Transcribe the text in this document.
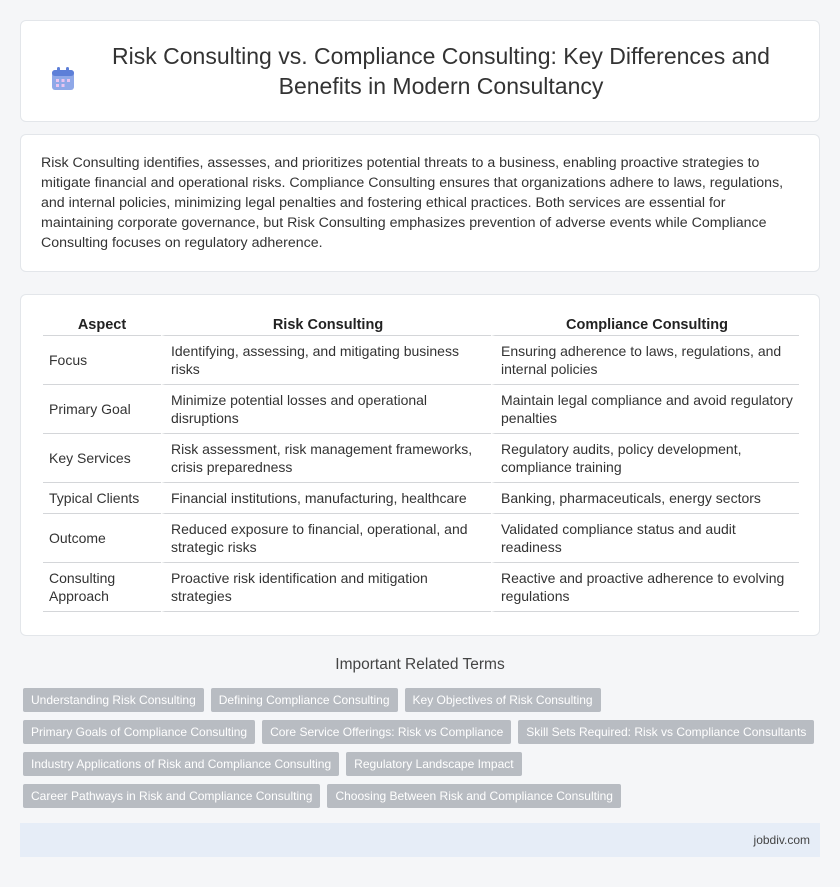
Risk Consulting vs. Compliance Consulting: Key Differences and Benefits in Modern Consultancy

Risk Consulting identifies, assesses, and prioritizes potential threats to a business, enabling proactive strategies to mitigate financial and operational risks. Compliance Consulting ensures that organizations adhere to laws, regulations, and internal policies, minimizing legal penalties and fostering ethical practices. Both services are essential for maintaining corporate governance, but Risk Consulting emphasizes prevention of adverse events while Compliance Consulting focuses on regulatory adherence.

Aspect	Risk Consulting	Compliance Consulting
Focus	Identifying, assessing, and mitigating business risks	Ensuring adherence to laws, regulations, and internal policies
Primary Goal	Minimize potential losses and operational disruptions	Maintain legal compliance and avoid regulatory penalties
Key Services	Risk assessment, risk management frameworks, crisis preparedness	Regulatory audits, policy development, compliance training
Typical Clients	Financial institutions, manufacturing, healthcare	Banking, pharmaceuticals, energy sectors
Outcome	Reduced exposure to financial, operational, and strategic risks	Validated compliance status and audit readiness
Consulting Approach	Proactive risk identification and mitigation strategies	Reactive and proactive adherence to evolving regulations
Important Related Terms
Understanding Risk Consulting	Defining Compliance Consulting	Key Objectives of Risk Consulting
Primary Goals of Compliance Consulting	Core Service Offerings: Risk vs Compliance	Skill Sets Required: Risk vs Compliance Consultants
Industry Applications of Risk and Compliance Consulting	Regulatory Landscape Impact
Career Pathways in Risk and Compliance Consulting	Choosing Between Risk and Compliance Consulting
jobdiv.com
